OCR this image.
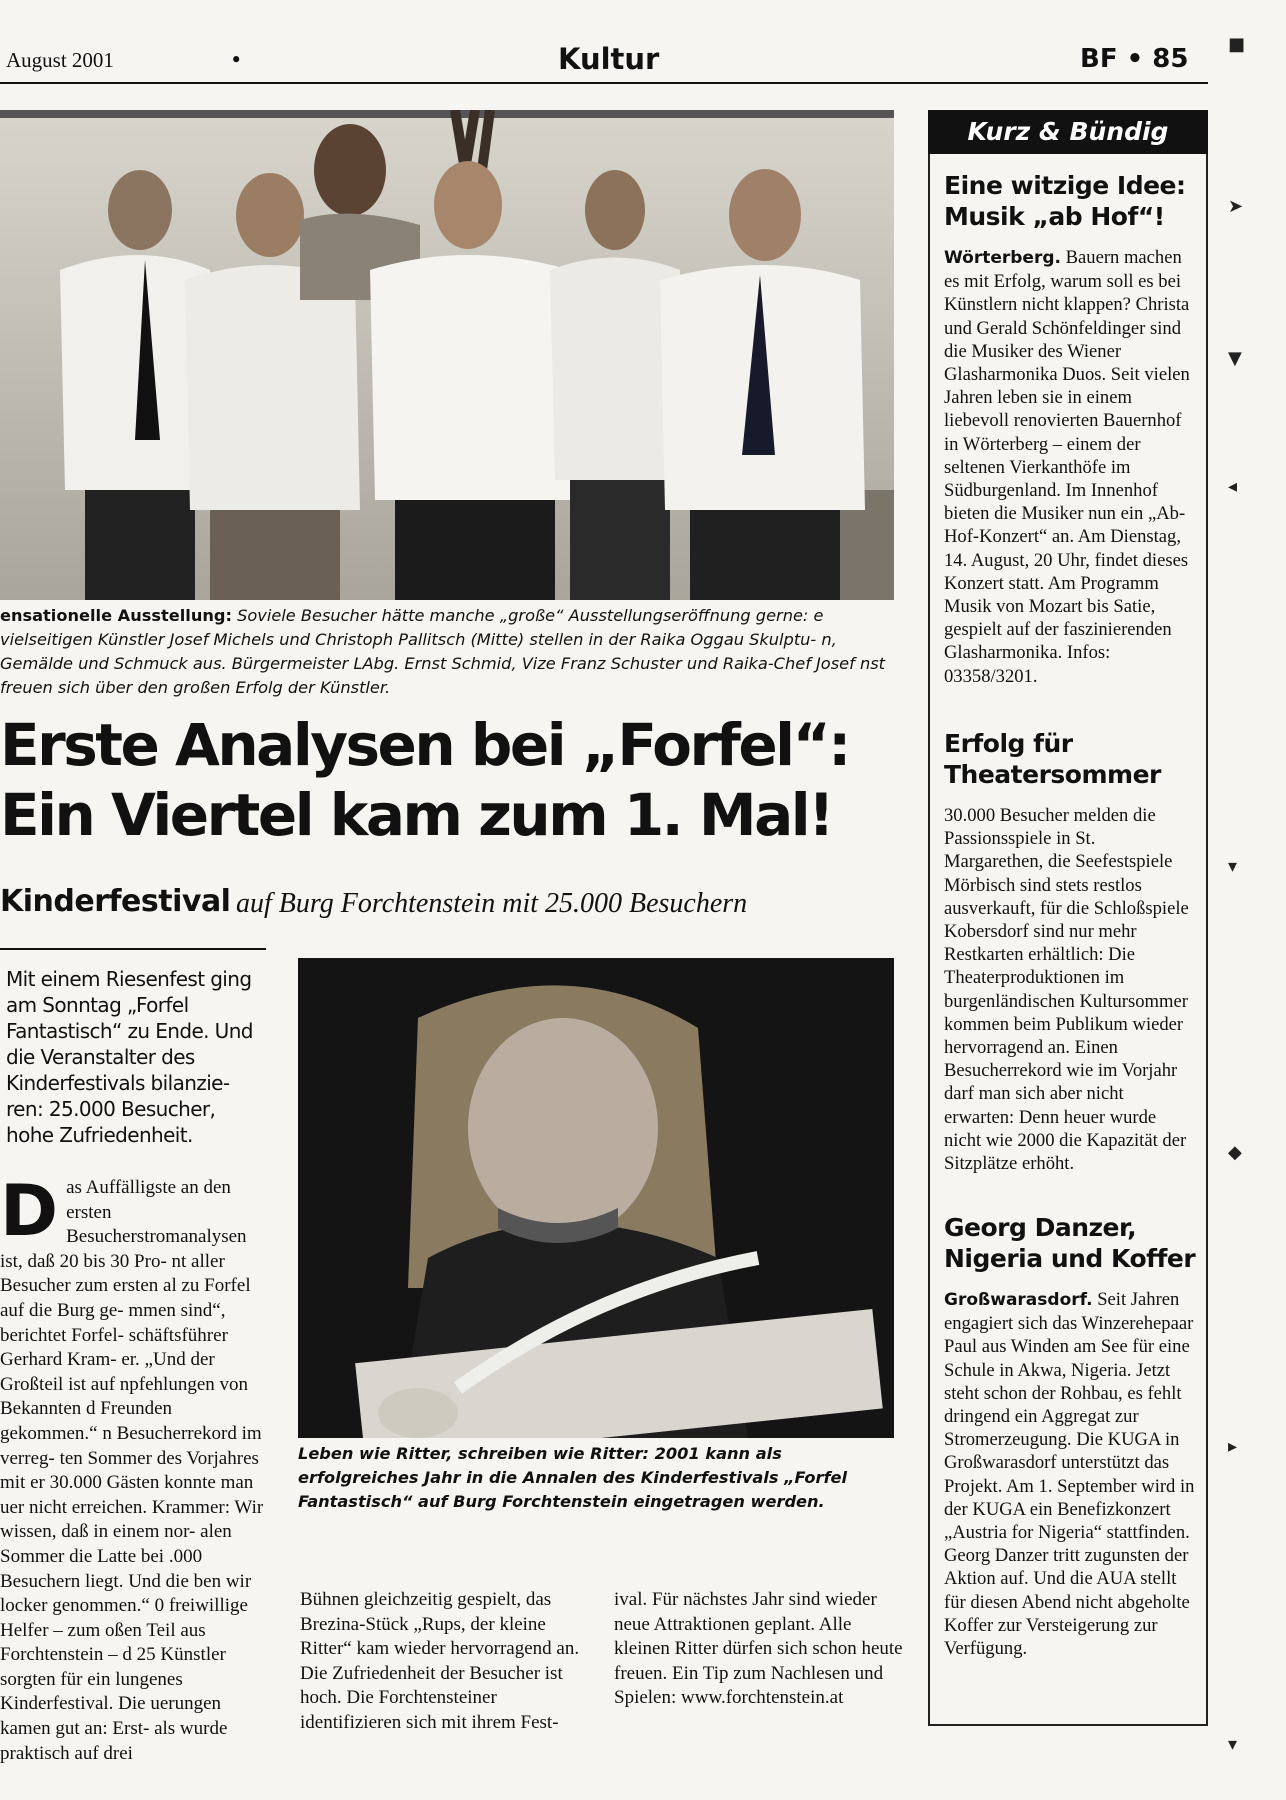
August 2001	•	Kultur	BF • 85
ensationelle Ausstellung: Soviele Besucher hätte manche „große“ Ausstellungseröffnung gerne: e vielseitigen Künstler Josef Michels und Christoph Pallitsch (Mitte) stellen in der Raika Oggau Skulptu- n, Gemälde und Schmuck aus. Bürgermeister LAbg. Ernst Schmid, Vize Franz Schuster und Raika-Chef Josef nst freuen sich über den großen Erfolg der Künstler.
Erste Analysen bei „Forfel“:
Ein Viertel kam zum 1. Mal!
Kinderfestival auf Burg Forchtenstein mit 25.000 Besuchern
Mit einem Riesenfest ging am Sonntag „Forfel Fantastisch“ zu Ende. Und die Veranstalter des Kinderfestivals bilanzie- ren: 25.000 Besucher, hohe Zufriedenheit.
Das Auffälligste an den ersten Besucherstromanalysen ist, daß 20 bis 30 Pro- nt aller Besucher zum ersten al zu Forfel auf die Burg ge- mmen sind“, berichtet Forfel- schäftsführer Gerhard Kram- er. „Und der Großteil ist auf npfehlungen von Bekannten d Freunden gekommen.“ n Besucherrekord im verreg- ten Sommer des Vorjahres mit er 30.000 Gästen konnte man uer nicht erreichen. Krammer: Wir wissen, daß in einem nor- alen Sommer die Latte bei .000 Besuchern liegt. Und die ben wir locker genommen.“ 0 freiwillige Helfer – zum oßen Teil aus Forchtenstein – d 25 Künstler sorgten für ein lungenes Kinderfestival. Die uerungen kamen gut an: Erst- als wurde praktisch auf drei
Leben wie Ritter, schreiben wie Ritter: 2001 kann als erfolgreiches Jahr in die Annalen des Kinderfestivals „Forfel Fantastisch“ auf Burg Forchtenstein eingetragen werden.
Bühnen gleichzeitig gespielt, das Brezina-Stück „Rups, der kleine Ritter“ kam wieder hervorragend an. Die Zufriedenheit der Besucher ist hoch. Die Forchtensteiner identifizieren sich mit ihrem Fest-
ival. Für nächstes Jahr sind wieder neue Attraktionen geplant. Alle kleinen Ritter dürfen sich schon heute freuen. Ein Tip zum Nachlesen und Spielen: www.forchtenstein.at
Kurz & Bündig
Eine witzige Idee: Musik „ab Hof“!
Wörterberg. Bauern machen es mit Erfolg, warum soll es bei Künstlern nicht klappen? Christa und Gerald Schönfeldinger sind die Musiker des Wiener Glasharmonika Duos. Seit vielen Jahren leben sie in einem liebevoll renovierten Bauernhof in Wörterberg – einem der seltenen Vierkanthöfe im Südburgenland. Im Innenhof bieten die Musiker nun ein „Ab-Hof-Konzert“ an. Am Dienstag, 14. August, 20 Uhr, findet dieses Konzert statt. Am Programm Musik von Mozart bis Satie, gespielt auf der faszinierenden Glasharmonika. Infos: 03358/3201.
Erfolg für Theatersommer
30.000 Besucher melden die Passionsspiele in St. Margarethen, die Seefestspiele Mörbisch sind stets restlos ausverkauft, für die Schloßspiele Kobersdorf sind nur mehr Restkarten erhältlich: Die Theaterproduktionen im burgenländischen Kultursommer kommen beim Publikum wieder hervorragend an. Einen Besucherrekord wie im Vorjahr darf man sich aber nicht erwarten: Denn heuer wurde nicht wie 2000 die Kapazität der Sitzplätze erhöht.
Georg Danzer, Nigeria und Koffer
Großwarasdorf. Seit Jahren engagiert sich das Winzerehepaar Paul aus Winden am See für eine Schule in Akwa, Nigeria. Jetzt steht schon der Rohbau, es fehlt dringend ein Aggregat zur Stromerzeugung. Die KUGA in Großwarasdorf unterstützt das Projekt. Am 1. September wird in der KUGA ein Benefizkonzert „Austria for Nigeria“ stattfinden. Georg Danzer tritt zugunsten der Aktion auf. Und die AUA stellt für diesen Abend nicht abgeholte Koffer zur Versteigerung zur Verfügung.
■
➤
▼
◂
▾
◆
▸
▾
